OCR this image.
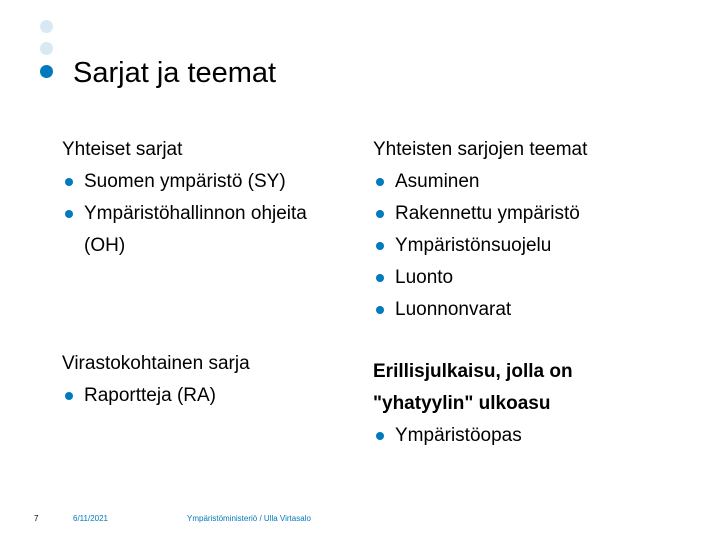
Sarjat ja teemat
Yhteiset sarjat
Suomen ympäristö (SY)
Ympäristöhallinnon ohjeita (OH)
Yhteisten sarjojen teemat
Asuminen
Rakennettu ympäristö
Ympäristönsuojelu
Luonto
Luonnonvarat
Virastokohtainen sarja
Raportteja (RA)
Erillisjulkaisu, jolla on
"yhatyylin" ulkoasu
Ympäristöopas
7	6/11/2021	Ympäristöministeriö / Ulla Virtasalo
